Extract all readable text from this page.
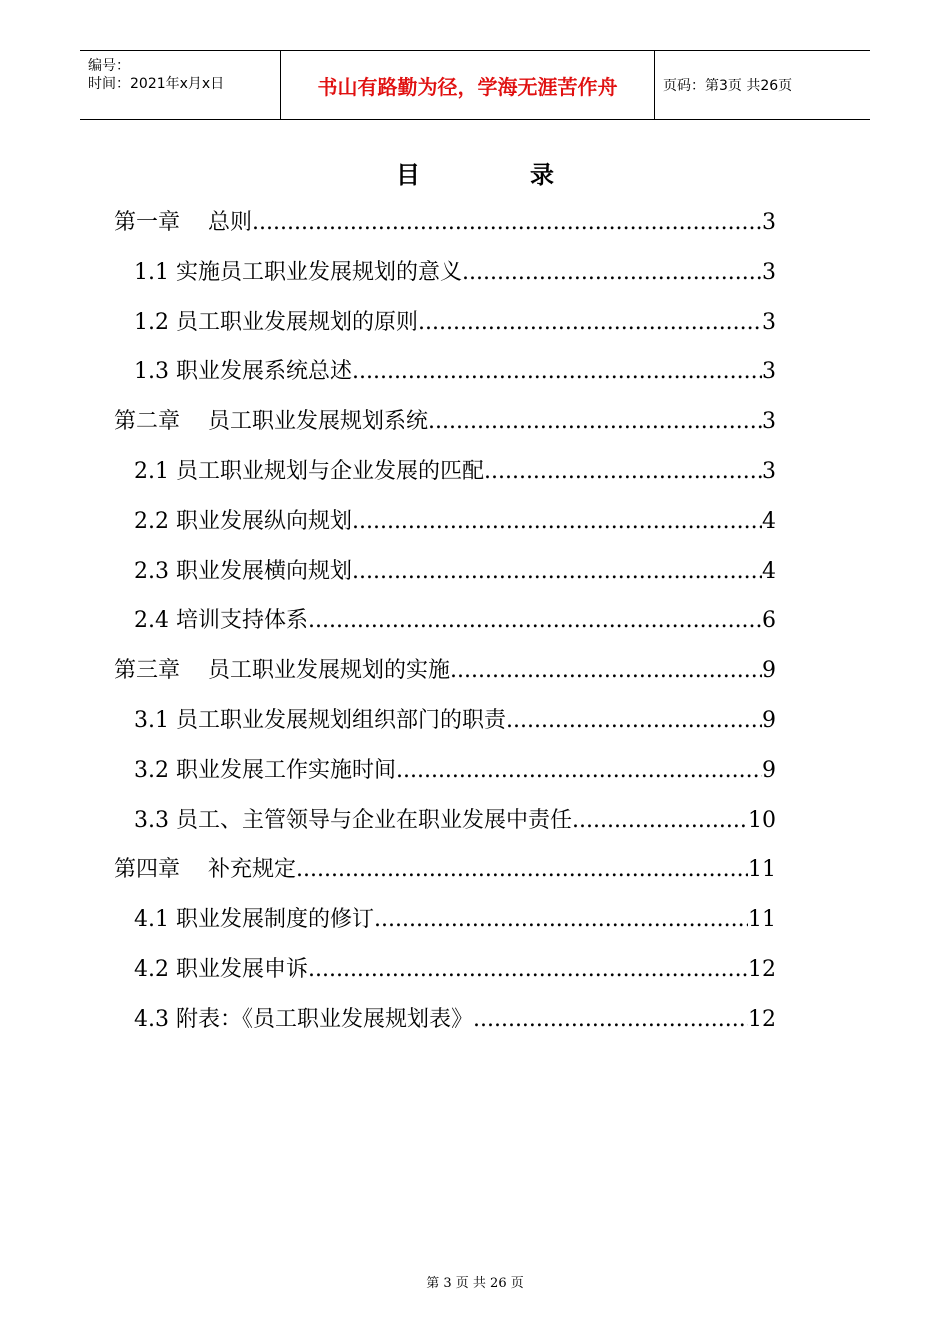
编号：
时间：2021年x月x日	书山有路勤为径，学海无涯苦作舟	页码：第3页 共26页
目	录
第一章 总则 .....	3
1.1 实施员工职业发展规划的意义 .....	3
1.2 员工职业发展规划的原则 .....	3
1.3 职业发展系统总述 .....	3
第二章 员工职业发展规划系统 .....	3
2.1 员工职业规划与企业发展的匹配 .....	3
2.2 职业发展纵向规划 .....	4
2.3 职业发展横向规划 .....	4
2.4 培训支持体系 .....	6
第三章 员工职业发展规划的实施 .....	9
3.1 员工职业发展规划组织部门的职责 .....	9
3.2 职业发展工作实施时间 .....	9
3.3 员工、主管领导与企业在职业发展中责任 .....	10
第四章 补充规定 .....	11
4.1 职业发展制度的修订 .....	11
4.2 职业发展申诉 .....	12
4.3 附表：《员工职业发展规划表》 .....	12
第 3 页 共 26 页
